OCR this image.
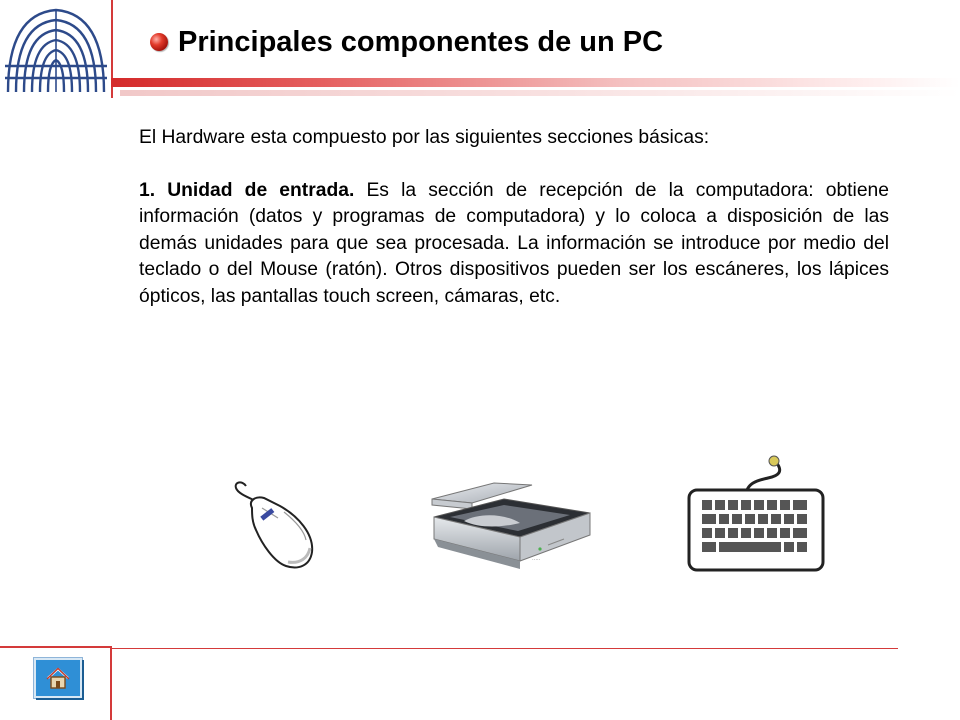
Principales componentes de un PC

El Hardware esta compuesto por las siguientes secciones básicas:

1. Unidad de entrada. Es la sección de recepción de la computadora: obtiene información (datos y programas de computadora) y lo coloca a disposición de las demás unidades para que sea procesada. La información se introduce por medio del teclado o del Mouse (ratón). Otros dispositivos pueden ser los escáneres, los lápices ópticos, las pantallas touch screen, cámaras, etc.

·····
